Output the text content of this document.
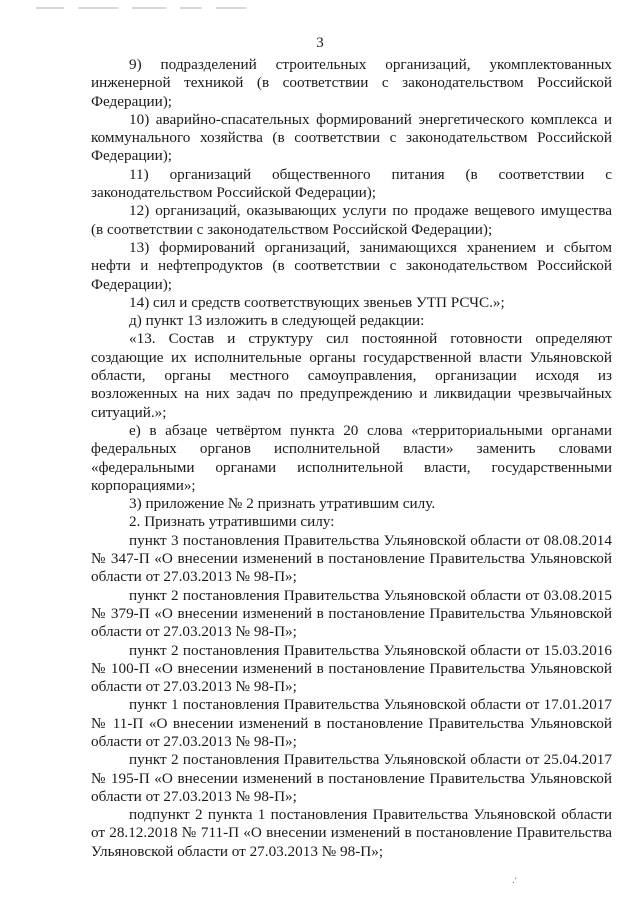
3

9) подразделений строительных организаций, укомплектованных инженерной техникой (в соответствии с законодательством Российской Федерации);

10) аварийно-спасательных формирований энергетического комплекса и коммунального хозяйства (в соответствии с законодательством Российской Федерации);

11) организаций общественного питания (в соответствии с законодательством Российской Федерации);

12) организаций, оказывающих услуги по продаже вещевого имущества (в соответствии с законодательством Российской Федерации);

13) формирований организаций, занимающихся хранением и сбытом нефти и нефтепродуктов (в соответствии с законодательством Российской Федерации);

14) сил и средств соответствующих звеньев УТП РСЧС.»;

д) пункт 13 изложить в следующей редакции:

«13. Состав и структуру сил постоянной готовности определяют создающие их исполнительные органы государственной власти Ульяновской области, органы местного самоуправления, организации исходя из возложенных на них задач по предупреждению и ликвидации чрезвычайных ситуаций.»;

е) в абзаце четвёртом пункта 20 слова «территориальными органами федеральных органов исполнительной власти» заменить словами «федеральными органами исполнительной власти, государственными корпорациями»;

3) приложение № 2 признать утратившим силу.

2. Признать утратившими силу:

пункт 3 постановления Правительства Ульяновской области от 08.08.2014 № 347-П «О внесении изменений в постановление Правительства Ульяновской области от 27.03.2013 № 98-П»;

пункт 2 постановления Правительства Ульяновской области от 03.08.2015 № 379-П «О внесении изменений в постановление Правительства Ульяновской области от 27.03.2013 № 98-П»;

пункт 2 постановления Правительства Ульяновской области от 15.03.2016 № 100-П «О внесении изменений в постановление Правительства Ульяновской области от 27.03.2013 № 98-П»;

пункт 1 постановления Правительства Ульяновской области от 17.01.2017 № 11-П «О внесении изменений в постановление Правительства Ульяновской области от 27.03.2013 № 98-П»;

пункт 2 постановления Правительства Ульяновской области от 25.04.2017 № 195-П «О внесении изменений в постановление Правительства Ульяновской области от 27.03.2013 № 98-П»;

подпункт 2 пункта 1 постановления Правительства Ульяновской области от 28.12.2018 № 711-П «О внесении изменений в постановление Правительства Ульяновской области от 27.03.2013 № 98-П»;

·´
